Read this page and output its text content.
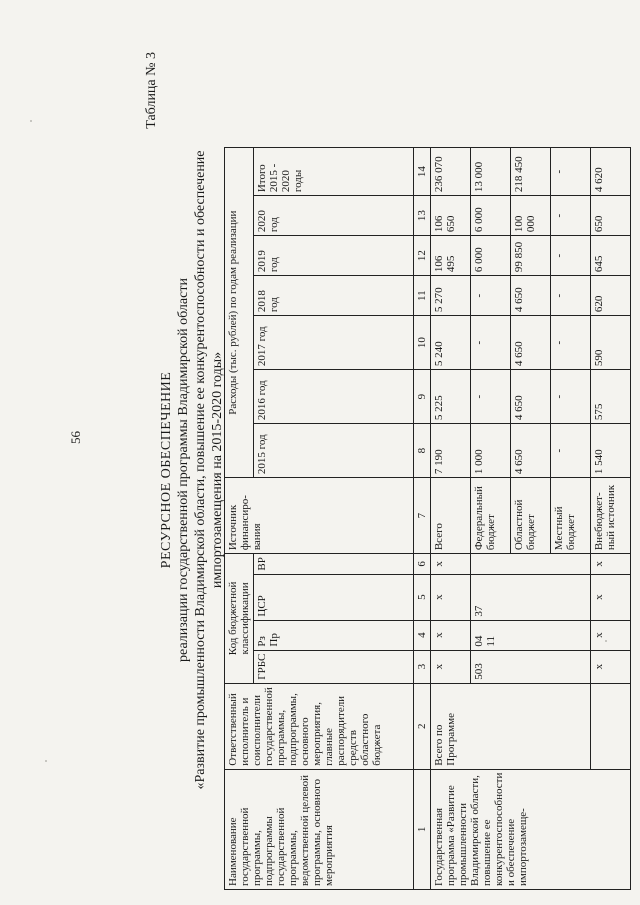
56
Таблица № 3
РЕСУРСНОЕ ОБЕСПЕЧЕНИЕ реализации государственной программы Владимирской области «Развитие промышленности Владимирской области, повышение ее конкурентоспособности и обеспечение импортозамещения на 2015-2020 годы»
Наименование государственной программы, подпрограммы государственной программы, ведомственной целевой программы, основного мероприятия	Ответственный исполнитель и соисполнители государственной программы, подпрограммы, основного мероприятия, главные распорядители средств областного бюджета	Код бюджетной классификации				Источник финансиро-вания	Расходы (тыс. рублей) по годам реализации						
		ГРБС	Рз Пр	ЦСР	ВР		2015 год	2016 год	2017 год	2018 год	2019 год	2020 год	Итого 2015 - 2020 годы
1	2	3	4	5	6	7	8	9	10	11	12	13	14
Государственная программа «Развитие промышленности Владимирской области, повышение ее конкурентоспособности и обеспечение импортозамеще-	Всего по Программе	х	х	х	х	Всего	7 190	5 225	5 240	5 270	106 495	106 650	236 070
		503	04 11	37		Федеральный бюджет	1 000	-	-	-	6 000	6 000	13 000
						Областной бюджет	4 650	4 650	4 650	4 650	99 850	100 000	218 450
						Местный бюджет	-	-	-	-	-	-	-
		х	х	х	х	Внебюджет-ный источник	1 540	575	590	620	645	650	4 620
